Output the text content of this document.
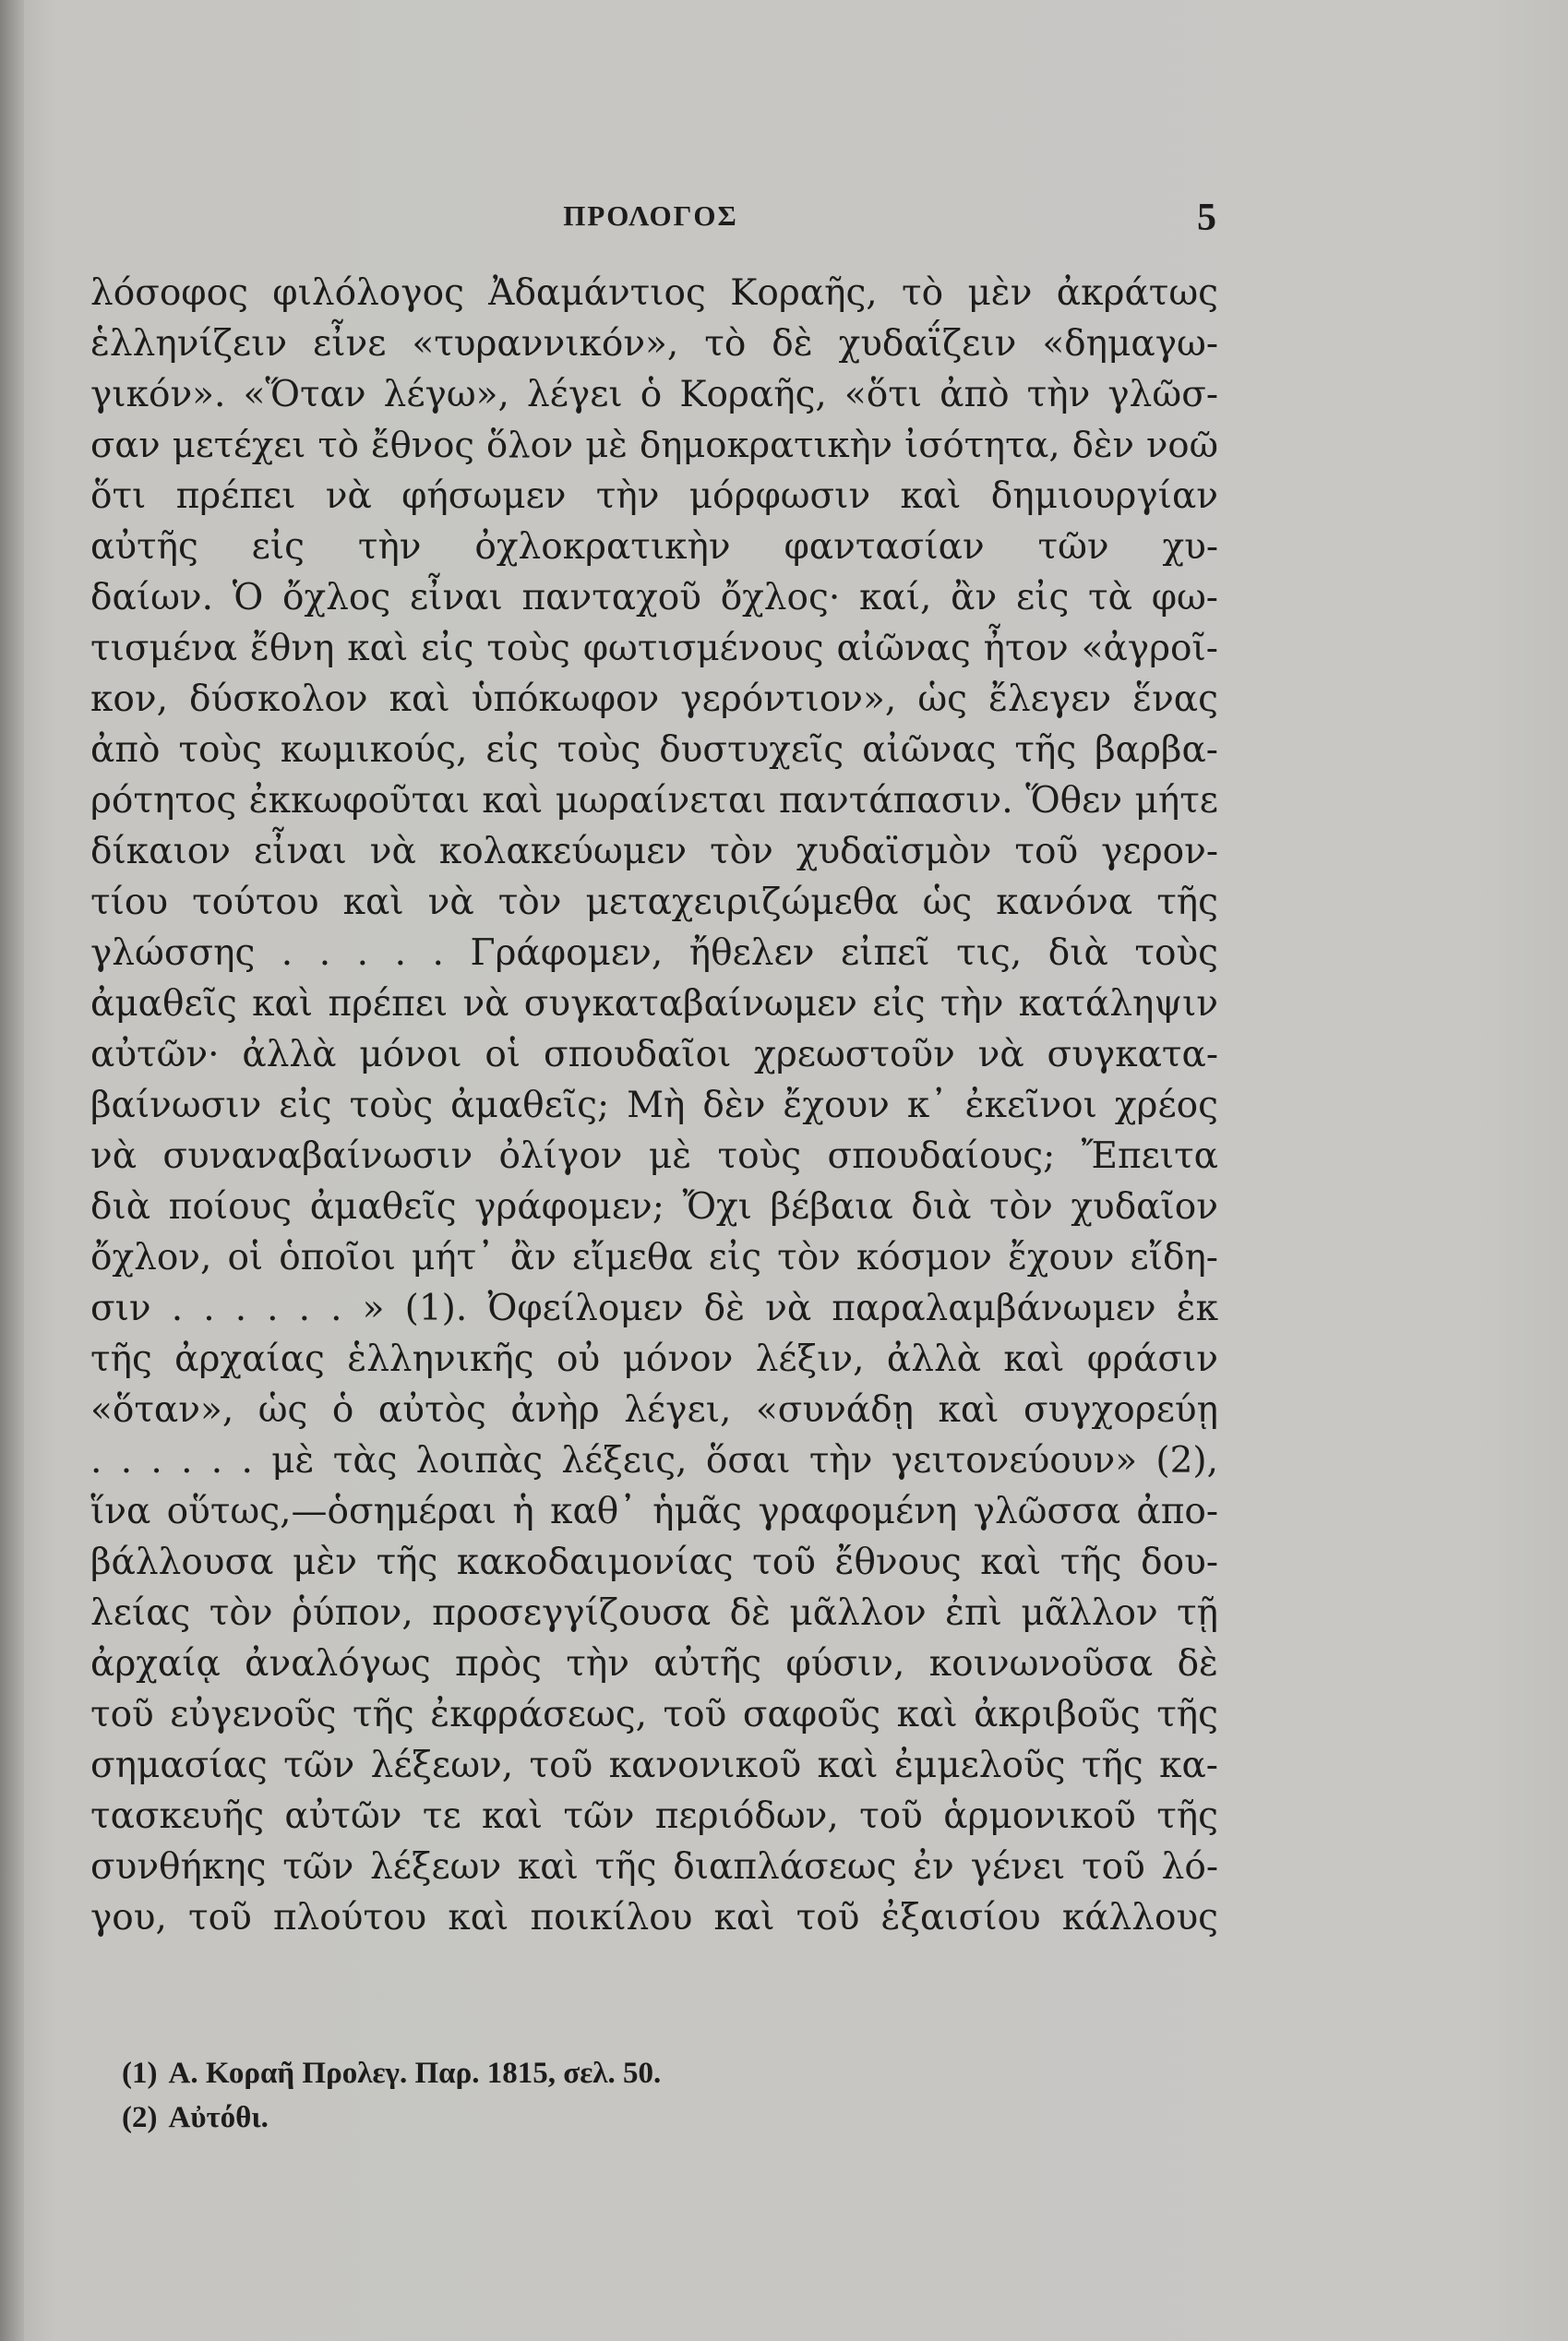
ΠΡΟΛΟΓΟΣ	5
λόσοφος φιλόλογος Ἀδαμάντιος Κοραῆς, τὸ μὲν ἀκράτως
ἑλληνίζειν εἶνε «τυραννικόν», τὸ δὲ χυδαΐζειν «δημαγω-
γικόν». «Ὅταν λέγω», λέγει ὁ Κοραῆς, «ὅτι ἀπὸ τὴν γλῶσ-
σαν μετέχει τὸ ἔθνος ὅλον μὲ δημοκρατικὴν ἰσότητα, δὲν νοῶ
ὅτι πρέπει νὰ φήσωμεν τὴν μόρφωσιν καὶ δημιουργίαν
αὐτῆς εἰς τὴν ὀχλοκρατικὴν φαντασίαν τῶν χυ-
δαίων. Ὁ ὄχλος εἶναι πανταχοῦ ὄχλος· καί, ἂν εἰς τὰ φω-
τισμένα ἔθνη καὶ εἰς τοὺς φωτισμένους αἰῶνας ἦτον «ἀγροῖ-
κον, δύσκολον καὶ ὑπόκωφον γερόντιον», ὡς ἔλεγεν ἕνας
ἀπὸ τοὺς κωμικούς, εἰς τοὺς δυστυχεῖς αἰῶνας τῆς βαρβα-
ρότητος ἐκκωφοῦται καὶ μωραίνεται παντάπασιν. Ὅθεν μήτε
δίκαιον εἶναι νὰ κολακεύωμεν τὸν χυδαϊσμὸν τοῦ γερον-
τίου τούτου καὶ νὰ τὸν μεταχειριζώμεθα ὡς κανόνα τῆς
γλώσσης . . . . . Γράφομεν, ἤθελεν εἰπεῖ τις, διὰ τοὺς
ἀμαθεῖς καὶ πρέπει νὰ συγκαταβαίνωμεν εἰς τὴν κατάληψιν
αὐτῶν· ἀλλὰ μόνοι οἱ σπουδαῖοι χρεωστοῦν νὰ συγκατα-
βαίνωσιν εἰς τοὺς ἀμαθεῖς; Μὴ δὲν ἔχουν κ᾽ ἐκεῖνοι χρέος
νὰ συναναβαίνωσιν ὀλίγον μὲ τοὺς σπουδαίους; Ἔπειτα
διὰ ποίους ἀμαθεῖς γράφομεν; Ὄχι βέβαια διὰ τὸν χυδαῖον
ὄχλον, οἱ ὁποῖοι μήτ᾽ ἂν εἴμεθα εἰς τὸν κόσμον ἔχουν εἴδη-
σιν . . . . . . » (1). Ὀφείλομεν δὲ νὰ παραλαμβάνωμεν ἐκ
τῆς ἀρχαίας ἑλληνικῆς οὐ μόνον λέξιν, ἀλλὰ καὶ φράσιν
«ὅταν», ὡς ὁ αὐτὸς ἀνὴρ λέγει, «συνάδῃ καὶ συγχορεύῃ
. . . . . . μὲ τὰς λοιπὰς λέξεις, ὅσαι τὴν γειτονεύουν» (2),
ἵνα οὕτως,—ὁσημέραι ἡ καθ᾽ ἡμᾶς γραφομένη γλῶσσα ἀπο-
βάλλουσα μὲν τῆς κακοδαιμονίας τοῦ ἔθνους καὶ τῆς δου-
λείας τὸν ῥύπον, προσεγγίζουσα δὲ μᾶλλον ἐπὶ μᾶλλον τῇ
ἀρχαίᾳ ἀναλόγως πρὸς τὴν αὐτῆς φύσιν, κοινωνοῦσα δὲ
τοῦ εὐγενοῦς τῆς ἐκφράσεως, τοῦ σαφοῦς καὶ ἀκριβοῦς τῆς
σημασίας τῶν λέξεων, τοῦ κανονικοῦ καὶ ἐμμελοῦς τῆς κα-
τασκευῆς αὐτῶν τε καὶ τῶν περιόδων, τοῦ ἁρμονικοῦ τῆς
συνθήκης τῶν λέξεων καὶ τῆς διαπλάσεως ἐν γένει τοῦ λό-
γου, τοῦ πλούτου καὶ ποικίλου καὶ τοῦ ἐξαισίου κάλλους
(1) Α. Κοραῆ Προλεγ. Παρ. 1815, σελ. 50.
(2) Αὐτόθι.
